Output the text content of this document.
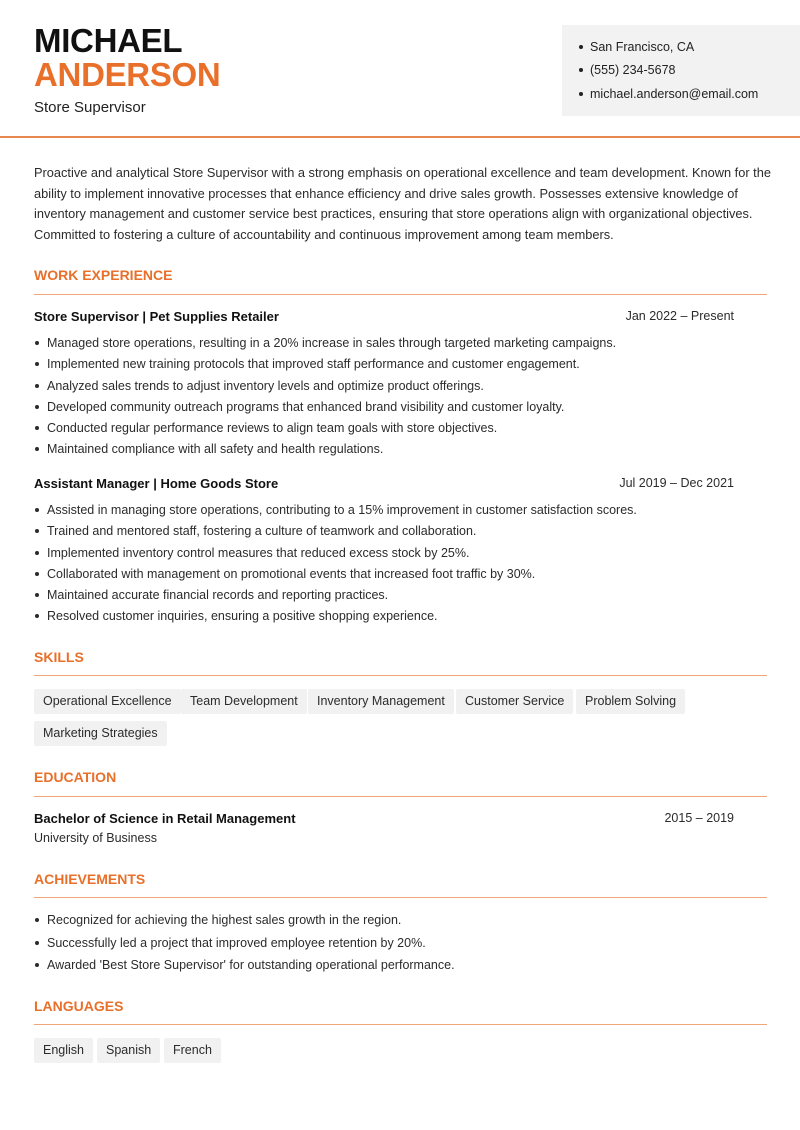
MICHAEL
ANDERSON
Store Supervisor
San Francisco, CA
(555) 234-5678
michael.anderson@email.com
Proactive and analytical Store Supervisor with a strong emphasis on operational excellence and team development. Known for the ability to implement innovative processes that enhance efficiency and drive sales growth. Possesses extensive knowledge of inventory management and customer service best practices, ensuring that store operations align with organizational objectives. Committed to fostering a culture of accountability and continuous improvement among team members.
WORK EXPERIENCE
Store Supervisor | Pet Supplies Retailer	Jan 2022 – Present
Managed store operations, resulting in a 20% increase in sales through targeted marketing campaigns.
Implemented new training protocols that improved staff performance and customer engagement.
Analyzed sales trends to adjust inventory levels and optimize product offerings.
Developed community outreach programs that enhanced brand visibility and customer loyalty.
Conducted regular performance reviews to align team goals with store objectives.
Maintained compliance with all safety and health regulations.
Assistant Manager | Home Goods Store	Jul 2019 – Dec 2021
Assisted in managing store operations, contributing to a 15% improvement in customer satisfaction scores.
Trained and mentored staff, fostering a culture of teamwork and collaboration.
Implemented inventory control measures that reduced excess stock by 25%.
Collaborated with management on promotional events that increased foot traffic by 30%.
Maintained accurate financial records and reporting practices.
Resolved customer inquiries, ensuring a positive shopping experience.
SKILLS
Operational Excellence	Team Development	Inventory Management	Customer Service	Problem Solving
Marketing Strategies
EDUCATION
Bachelor of Science in Retail Management	2015 – 2019
University of Business
ACHIEVEMENTS
Recognized for achieving the highest sales growth in the region.
Successfully led a project that improved employee retention by 20%.
Awarded 'Best Store Supervisor' for outstanding operational performance.
LANGUAGES
English	Spanish	French
